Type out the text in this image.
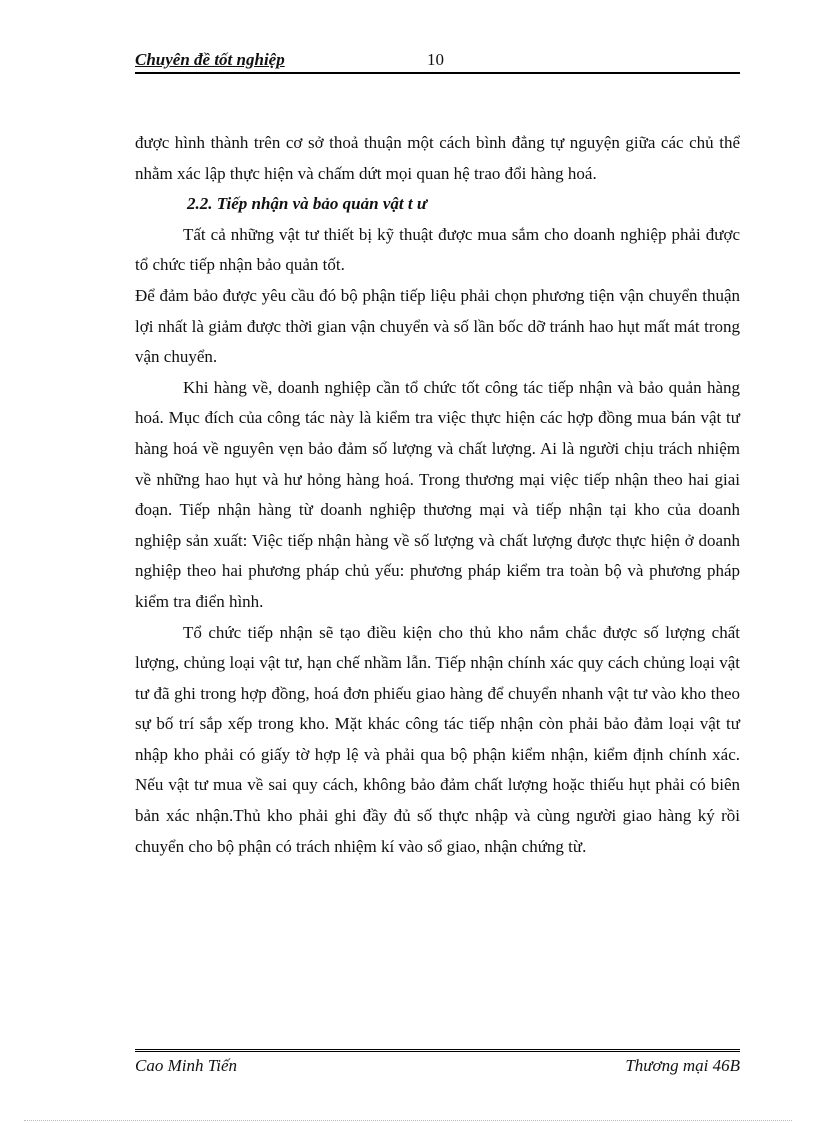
Chuyên đề tốt nghiệp	10

được hình thành trên cơ sở thoả thuận một cách bình đẳng tự nguyện giữa các chủ thể nhằm xác lập thực hiện và chấm dứt mọi quan hệ trao đổi hàng hoá.

2.2. Tiếp nhận và bảo quản vật t ư

Tất cả những vật tư thiết bị kỹ thuật được mua sắm cho doanh nghiệp phải được tổ chức tiếp nhận bảo quản tốt.

Để đảm bảo được yêu cầu đó bộ phận tiếp liệu phải chọn phương tiện vận chuyển thuận lợi nhất là giảm được thời gian vận chuyển và số lần bốc dỡ tránh hao hụt mất mát trong vận chuyển.

Khi hàng về, doanh nghiệp cần tổ chức tốt công tác tiếp nhận và bảo quản hàng hoá. Mục đích của công tác này là kiểm tra việc thực hiện các hợp đồng mua bán vật tư hàng hoá về nguyên vẹn bảo đảm số lượng và chất lượng. Ai là người chịu trách nhiệm về những hao hụt và hư hỏng hàng hoá. Trong thương mại việc tiếp nhận theo hai giai đoạn. Tiếp nhận hàng từ doanh nghiệp thương mại và tiếp nhận tại kho của doanh nghiệp sản xuất: Việc tiếp nhận hàng về số lượng và chất lượng được thực hiện ở doanh nghiệp theo hai phương pháp chủ yếu: phương pháp kiểm tra toàn bộ và phương pháp kiểm tra điển hình.

Tổ chức tiếp nhận sẽ tạo điều kiện cho thủ kho nắm chắc được số lượng chất lượng, chủng loại vật tư, hạn chế nhầm lẫn. Tiếp nhận chính xác quy cách chủng loại vật tư đã ghi trong hợp đồng, hoá đơn phiếu giao hàng để chuyển nhanh vật tư vào kho theo sự bố trí sắp xếp trong kho. Mặt khác công tác tiếp nhận còn phải bảo đảm loại vật tư nhập kho phải có giấy tờ hợp lệ và phải qua bộ phận kiểm nhận, kiểm định chính xác. Nếu vật tư mua về sai quy cách, không bảo đảm chất lượng hoặc thiếu hụt phải có biên bản xác nhận.Thủ kho phải ghi đầy đủ số thực nhập và cùng người giao hàng ký rồi chuyển cho bộ phận có trách nhiệm kí vào sổ giao, nhận chứng từ.

Cao Minh Tiến	Thương mại 46B
